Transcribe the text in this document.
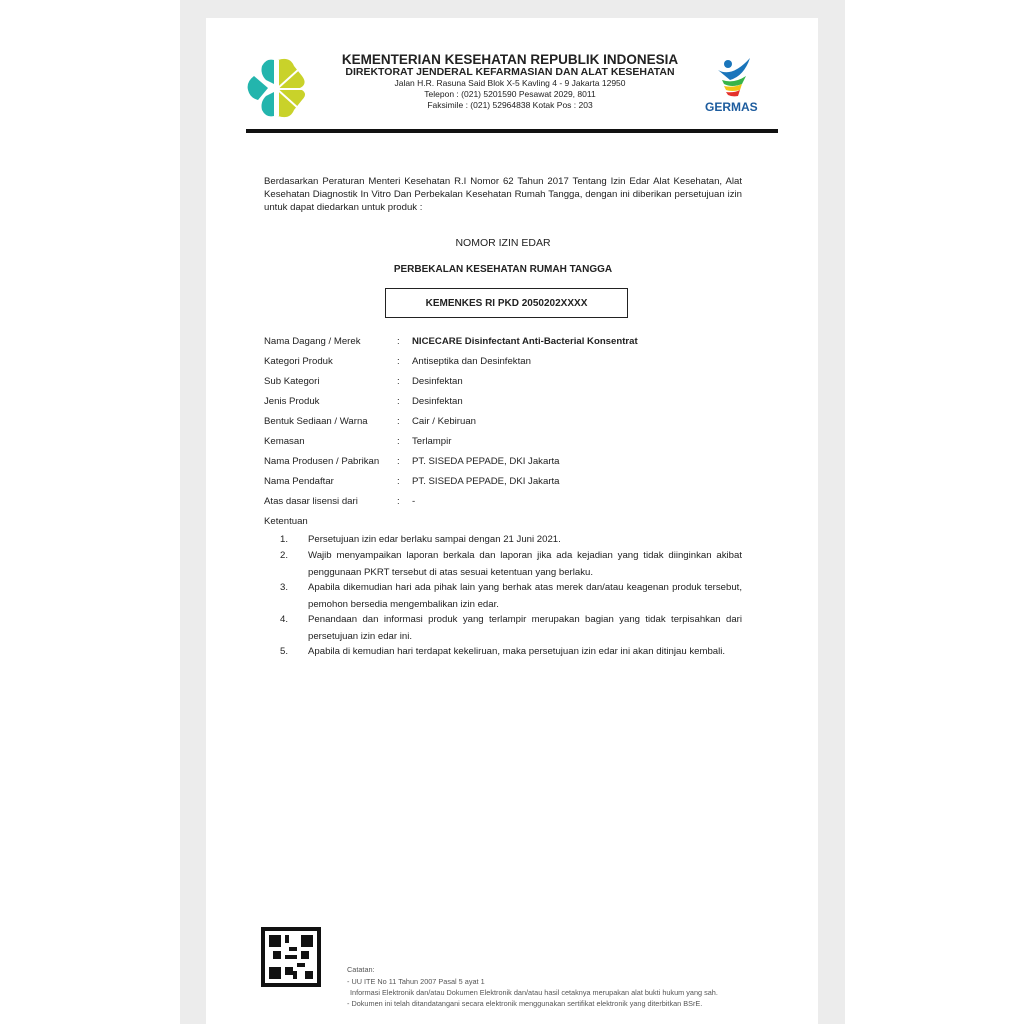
KEMENTERIAN KESEHATAN REPUBLIK INDONESIA
DIREKTORAT JENDERAL KEFARMASIAN DAN ALAT KESEHATAN
Jalan H.R. Rasuna Said Blok X-5 Kavling 4 - 9 Jakarta 12950
Telepon : (021) 5201590 Pesawat 2029, 8011
Faksimile : (021) 52964838 Kotak Pos : 203	GERMAS
Berdasarkan Peraturan Menteri Kesehatan R.I Nomor 62 Tahun 2017 Tentang Izin Edar Alat Kesehatan, Alat Kesehatan Diagnostik In Vitro Dan Perbekalan Kesehatan Rumah Tangga, dengan ini diberikan persetujuan izin untuk dapat diedarkan untuk produk :
NOMOR IZIN EDAR
PERBEKALAN KESEHATAN RUMAH TANGGA
KEMENKES RI PKD 2050202XXXX
Nama Dagang / Merek	:	NICECARE Disinfectant Anti-Bacterial Konsentrat
Kategori Produk	:	Antiseptika dan Desinfektan
Sub Kategori	:	Desinfektan
Jenis Produk	:	Desinfektan
Bentuk Sediaan / Warna	:	Cair / Kebiruan
Kemasan	:	Terlampir
Nama Produsen / Pabrikan	:	PT. SISEDA PEPADE, DKI Jakarta
Nama Pendaftar	:	PT. SISEDA PEPADE, DKI Jakarta
Atas dasar lisensi dari	:	-
Ketentuan
1.	Persetujuan izin edar berlaku sampai dengan 21 Juni 2021.
2.	Wajib menyampaikan laporan berkala dan laporan jika ada kejadian yang tidak diinginkan akibat penggunaan PKRT tersebut di atas sesuai ketentuan yang berlaku.
3.	Apabila dikemudian hari ada pihak lain yang berhak atas merek dan/atau keagenan produk tersebut, pemohon bersedia mengembalikan izin edar.
4.	Penandaan dan informasi produk yang terlampir merupakan bagian yang tidak terpisahkan dari persetujuan izin edar ini.
5.	Apabila di kemudian hari terdapat kekeliruan, maka persetujuan izin edar ini akan ditinjau kembali.
Catatan:
- UU ITE No 11 Tahun 2007 Pasal 5 ayat 1
Informasi Elektronik dan/atau Dokumen Elektronik dan/atau hasil cetaknya merupakan alat bukti hukum yang sah.
- Dokumen ini telah ditandatangani secara elektronik menggunakan sertifikat elektronik yang diterbitkan BSrE.
